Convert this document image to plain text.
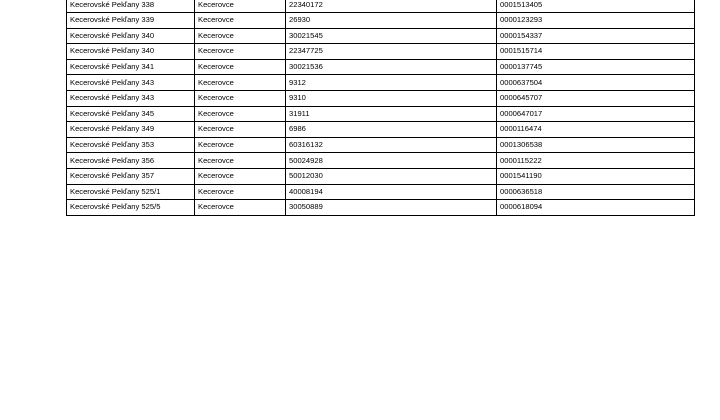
Kecerovské Pekľany 338	Kecerovce	22340172	0001513405
Kecerovské Pekľany 339	Kecerovce	26930	0000123293
Kecerovské Pekľany 340	Kecerovce	30021545	0000154337
Kecerovské Pekľany 340	Kecerovce	22347725	0001515714
Kecerovské Pekľany 341	Kecerovce	30021536	0000137745
Kecerovské Pekľany 343	Kecerovce	9312	0000637504
Kecerovské Pekľany 343	Kecerovce	9310	0000645707
Kecerovské Pekľany 345	Kecerovce	31911	0000647017
Kecerovské Pekľany 349	Kecerovce	6986	0000116474
Kecerovské Pekľany 353	Kecerovce	60316132	0001306538
Kecerovské Pekľany 356	Kecerovce	50024928	0000115222
Kecerovské Pekľany 357	Kecerovce	50012030	0001541190
Kecerovské Pekľany 525/1	Kecerovce	40008194	0000636518
Kecerovské Pekľany 525/5	Kecerovce	30050889	0000618094
